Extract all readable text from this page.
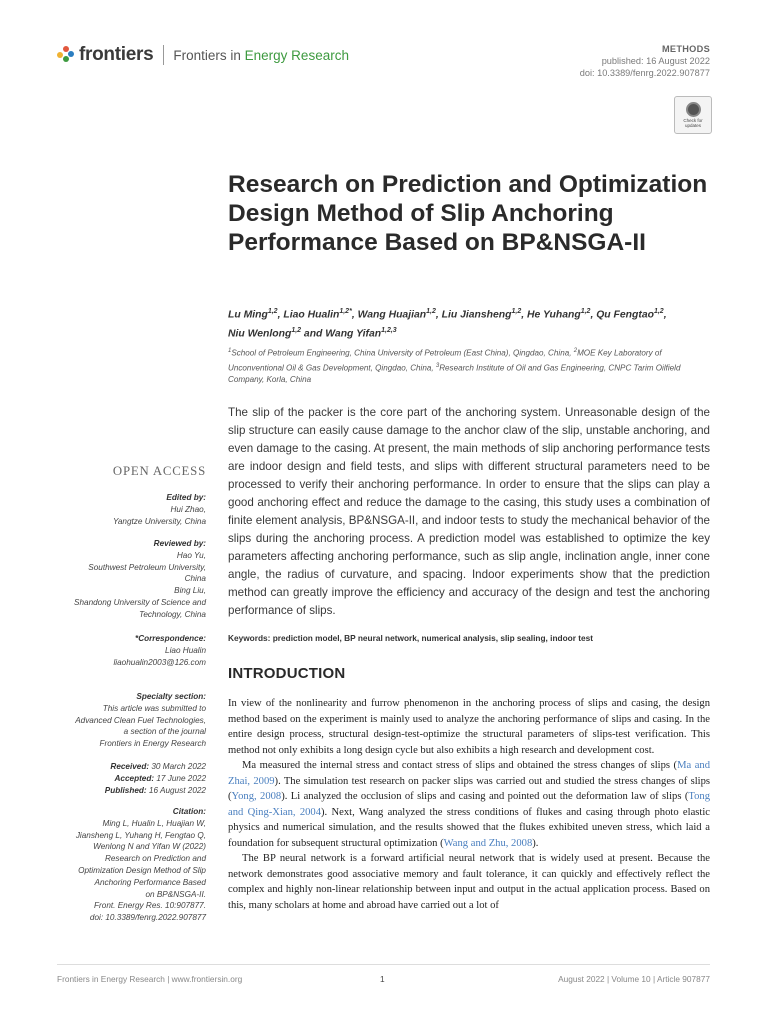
frontiers Frontiers in Energy Research	METHODS
published: 16 August 2022
doi: 10.3389/fenrg.2022.907877
Check for updates
Research on Prediction and Optimization Design Method of Slip Anchoring Performance Based on BP&NSGA-II
Lu Ming$^{1,2}$, Liao Hualin$^{1,2*}$, Wang Huajian$^{1,2}$, Liu Jiansheng$^{1,2}$, He Yuhang$^{1,2}$, Qu Fengtao$^{1,2}$,
Niu Wenlong$^{1,2}$ and Wang Yifan$^{1,2,3}$
$^1$School of Petroleum Engineering, China University of Petroleum (East China), Qingdao, China, $^2$MOE Key Laboratory of Unconventional Oil & Gas Development, Qingdao, China, $^3$Research Institute of Oil and Gas Engineering, CNPC Tarim Oilfield Company, Korla, China

The slip of the packer is the core part of the anchoring system. Unreasonable design of the slip structure can easily cause damage to the anchor claw of the slip, unstable anchoring, and even damage to the casing. At present, the main methods of slip anchoring performance tests are indoor design and field tests, and slips with different structural parameters need to be processed to verify their anchoring performance. In order to ensure that the slips can play a good anchoring effect and reduce the damage to the casing, this study uses a combination of finite element analysis, BP&NSGA-II, and indoor tests to study the mechanical behavior of the slips during the anchoring process. A prediction model was established to optimize the key parameters affecting anchoring performance, such as slip angle, inclination angle, inner cone angle, the radius of curvature, and spacing. Indoor experiments show that the prediction method can greatly improve the efficiency and accuracy of the design and test the anchoring performance of slips.

Keywords: prediction model, BP neural network, numerical analysis, slip sealing, indoor test
INTRODUCTION

In view of the nonlinearity and furrow phenomenon in the anchoring process of slips and casing, the design method based on the experiment is mainly used to analyze the anchoring performance of slips and casing. In the entire design process, structural design-test-optimize the structural parameters of slips-test verification. This method not only exhibits a long design cycle but also exhibits a high research and development cost.

Ma measured the internal stress and contact stress of slips and obtained the stress changes of slips (Ma and Zhai, 2009). The simulation test research on packer slips was carried out and studied the stress changes of slips (Yong, 2008). Li analyzed the occlusion of slips and casing and pointed out the deformation law of slips (Tong and Qing-Xian, 2004). Next, Wang analyzed the stress conditions of flukes and casing through photo elastic physics and numerical simulation, and the results showed that the flukes exhibited uneven stress, which laid a foundation for subsequent structural optimization (Wang and Zhu, 2008).

The BP neural network is a forward artificial neural network that is widely used at present. Because the network demonstrates good associative memory and fault tolerance, it can quickly and effectively reflect the complex and highly non-linear relationship between input and output in the actual application process. Based on this, many scholars at home and abroad have carried out a lot of

OPEN ACCESS
Edited by:
Hui Zhao,
Yangtze University, China
Reviewed by:
Hao Yu,
Southwest Petroleum University,
China
Bing Liu,
Shandong University of Science and
Technology, China
*Correspondence:
Liao Hualin
liaohualin2003@126.com
Specialty section:
This article was submitted to
Advanced Clean Fuel Technologies,
a section of the journal
Frontiers in Energy Research
Received: 30 March 2022
Accepted: 17 June 2022
Published: 16 August 2022
Citation:
Ming L, Hualin L, Huajian W,
Jiansheng L, Yuhang H, Fengtao Q,
Wenlong N and Yifan W (2022)
Research on Prediction and
Optimization Design Method of Slip
Anchoring Performance Based
on BP&NSGA-II.
Front. Energy Res. 10:907877.
doi: 10.3389/fenrg.2022.907877
Frontiers in Energy Research | www.frontiersin.org	1	August 2022 | Volume 10 | Article 907877
